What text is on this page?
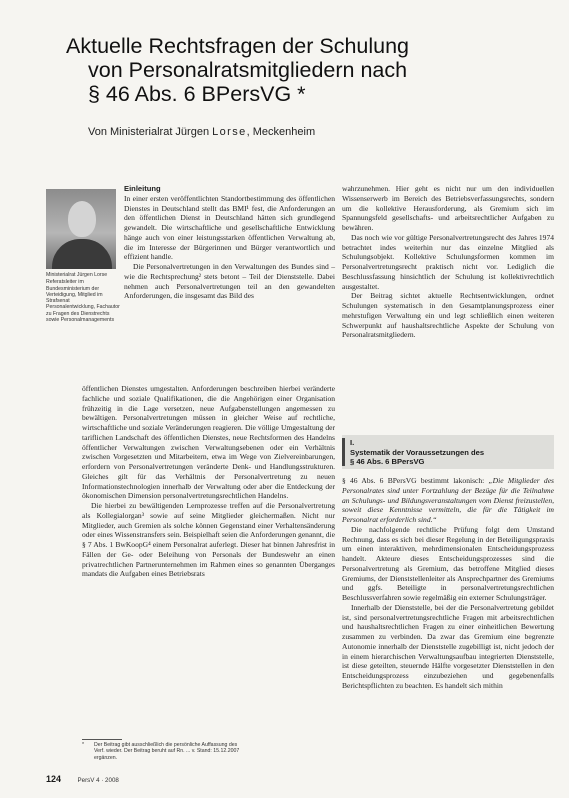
Aktuelle Rechtsfragen der Schulung
von Personalratsmitgliedern nach
§ 46 Abs. 6 BPersVG *
Von Ministerialrat Jürgen Lorse, Meckenheim

Ministerialrat Jürgen Lorse

Referatsleiter im Bundesministerium der Verteidigung, Mitglied im Strafsenat Personalentwicklung, Fachautor zu Fragen des Dienstrechts sowie Personalmanagements

Einleitung

In einer ersten veröffentlichten Standortbestimmung des öffentlichen Dienstes in Deutschland stellt das BMI¹ fest, die Anforderungen an den öffentlichen Dienst in Deutschland hätten sich grundlegend gewandelt. Die wirtschaftliche und gesellschaftliche Entwicklung hänge auch von einer leistungsstarken öffentlichen Verwaltung ab, die im Interesse der Bürgerinnen und Bürger verantwortlich und effizient handle.

Die Personalvertretungen in den Verwaltungen des Bundes sind – wie die Rechtsprechung² stets betont – Teil der Dienststelle. Dabei nehmen auch Personalvertretungen teil an den gewandelten Anforderungen, die insgesamt das Bild des

öffentlichen Dienstes umgestalten. Anforderungen beschreiben hierbei veränderte fachliche und soziale Qualifikationen, die die Angehörigen einer Organisation frühzeitig in die Lage versetzen, neue Aufgabenstellungen angemessen zu bewältigen. Personalvertretungen müssen in gleicher Weise auf rechtliche, wirtschaftliche und soziale Veränderungen reagieren. Die völlige Umgestaltung der tariflichen Landschaft des öffentlichen Dienstes, neue Rechtsformen des Handelns öffentlicher Verwaltungen zwischen Verwaltungsebenen oder ein Verhältnis zwischen Vorgesetzten und Mitarbeitern, etwa im Wege von Zielvereinbarungen, erfordern von Personalvertretungen veränderte Denk- und Handlungsstrukturen. Gleiches gilt für das Verhältnis der Personalvertretung zu neuen Informationstechnologien innerhalb der Verwaltung oder aber die Entdeckung der ökonomischen Dimension personalvertretungsrechtlichen Handelns.

Die hierbei zu bewältigenden Lernprozesse treffen auf die Personalvertretung als Kollegialorgan³ sowie auf seine Mitglieder gleichermaßen. Nicht nur Mitglieder, auch Gremien als solche können Gegenstand einer Verhaltensänderung oder eines Wissenstransfers sein. Beispielhaft seien die Anforderungen genannt, die § 7 Abs. 1 BwKoopG⁴ einem Personalrat auferlegt. Dieser hat binnen Jahresfrist in Fällen der Ge- oder Beleihung von Personals der Bundeswehr an einen privatrechtlichen Partnerunternehmen im Rahmen eines so genannten Überganges mandats die Aufgaben eines Betriebsrats

wahrzunehmen. Hier geht es nicht nur um den individuellen Wissenserwerb im Bereich des Betriebsverfassungsrechts, sondern um die kollektive Herausforderung, als Gremium sich im Spannungsfeld gesellschafts- und arbeitsrechtlicher Aufgaben zu bewähren.

Das noch wie vor gültige Personalvertretungsrecht des Jahres 1974 betrachtet indes weiterhin nur das einzelne Mitglied als Schulungsobjekt. Kollektive Schulungsformen kommen im Personalvertretungsrecht praktisch nicht vor. Lediglich die Beschlussfassung hinsichtlich der Schulung ist kollektivrechtlich ausgestaltet.

Der Beitrag sichtet aktuelle Rechtsentwicklungen, ordnet Schulungen systematisch in den Gesamtplanungsprozess einer mehrstufigen Verwaltung ein und legt schließlich einen weiteren Schwerpunkt auf haushaltsrechtliche Aspekte der Schulung von Personalratsmitgliedern.

I.
Systematik der Voraussetzungen des
§ 46 Abs. 6 BPersVG

§ 46 Abs. 6 BPersVG bestimmt lakonisch: „Die Mitglieder des Personalrates sind unter Fortzahlung der Bezüge für die Teilnahme an Schulungs- und Bildungsveranstaltungen vom Dienst freizustellen, soweit diese Kenntnisse vermitteln, die für die Tätigkeit im Personalrat erforderlich sind.“

Die nachfolgende rechtliche Prüfung folgt dem Umstand Rechnung, dass es sich bei dieser Regelung in der Beteiligungspraxis um einen interaktiven, mehrdimensionalen Entscheidungsprozess handelt. Akteure dieses Entscheidungsprozesses sind die Personalvertretung als Gremium, das betroffene Mitglied dieses Gremiums, der Dienststellenleiter als Ansprechpartner des Gremiums und ggfs. Beteiligte in personalvertretungsrechtlichen Beschlussverfahren sowie regelmäßig ein externer Schulungsträger.

Innerhalb der Dienststelle, bei der die Personalvertretung gebildet ist, sind personalvertretungsrechtliche Fragen mit arbeitsrechtlichen und haushaltsrechtlichen Fragen zu einer einheitlichen Bewertung zusammen zu verbinden. Da zwar das Gremium eine begrenzte Autonomie innerhalb der Dienststelle zugebilligt ist, nicht jedoch der in einem hierarchischen Verwaltungsaufbau integrierten Dienststelle, ist diese geteilten, steuernde Hälfte vorgesetzter Dienststellen in den Entscheidungsprozess einzubeziehen und gegebenenfalls Berichtspflichten zu beachten. Es handelt sich mithin

* Der Beitrag gibt ausschließlich die persönliche Auffassung des
Verf. wieder. Der Beitrag beruht auf Rn. ... v. Stand: 15.12.2007
ergänzen.
124	PersV 4 · 2008
